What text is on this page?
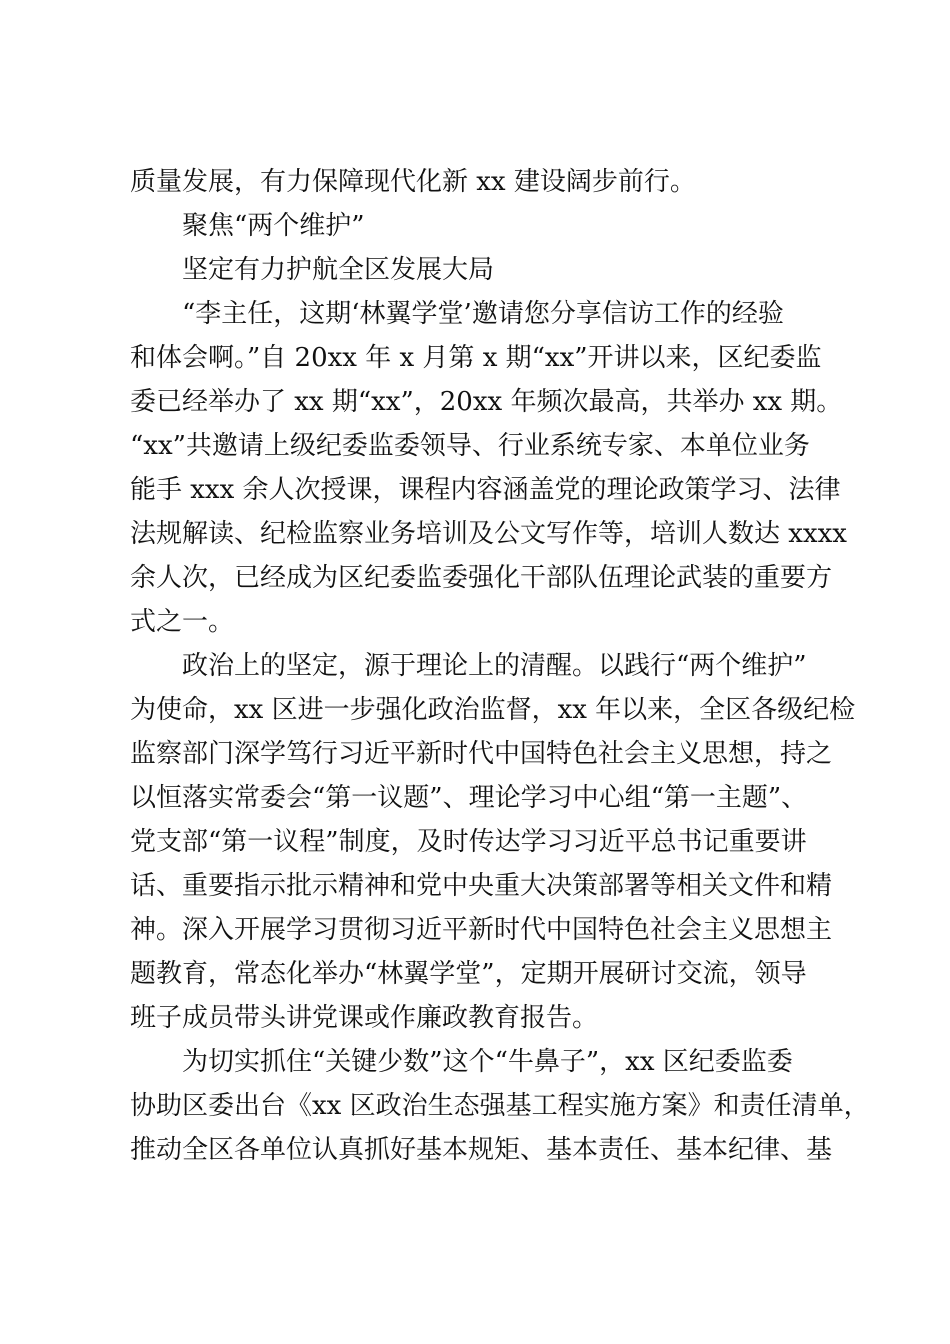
质量发展，有力保障现代化新 xx 建设阔步前行。
聚焦“两个维护”
坚定有力护航全区发展大局
“李主任，这期‘林翼学堂’邀请您分享信访工作的经验
和体会啊。”自 20xx 年 x 月第 x 期“xx”开讲以来，区纪委监
委已经举办了 xx 期“xx”，20xx 年频次最高，共举办 xx 期。
“xx”共邀请上级纪委监委领导、行业系统专家、本单位业务
能手 xxx 余人次授课，课程内容涵盖党的理论政策学习、法律
法规解读、纪检监察业务培训及公文写作等，培训人数达 xxxx
余人次，已经成为区纪委监委强化干部队伍理论武装的重要方
式之一。
政治上的坚定，源于理论上的清醒。以践行“两个维护”
为使命，xx 区进一步强化政治监督，xx 年以来，全区各级纪检
监察部门深学笃行习近平新时代中国特色社会主义思想，持之
以恒落实常委会“第一议题”、理论学习中心组“第一主题”、
党支部“第一议程”制度，及时传达学习习近平总书记重要讲
话、重要指示批示精神和党中央重大决策部署等相关文件和精
神。深入开展学习贯彻习近平新时代中国特色社会主义思想主
题教育，常态化举办“林翼学堂”，定期开展研讨交流，领导
班子成员带头讲党课或作廉政教育报告。
为切实抓住“关键少数”这个“牛鼻子”，xx 区纪委监委
协助区委出台《xx 区政治生态强基工程实施方案》和责任清单，
推动全区各单位认真抓好基本规矩、基本责任、基本纪律、基
